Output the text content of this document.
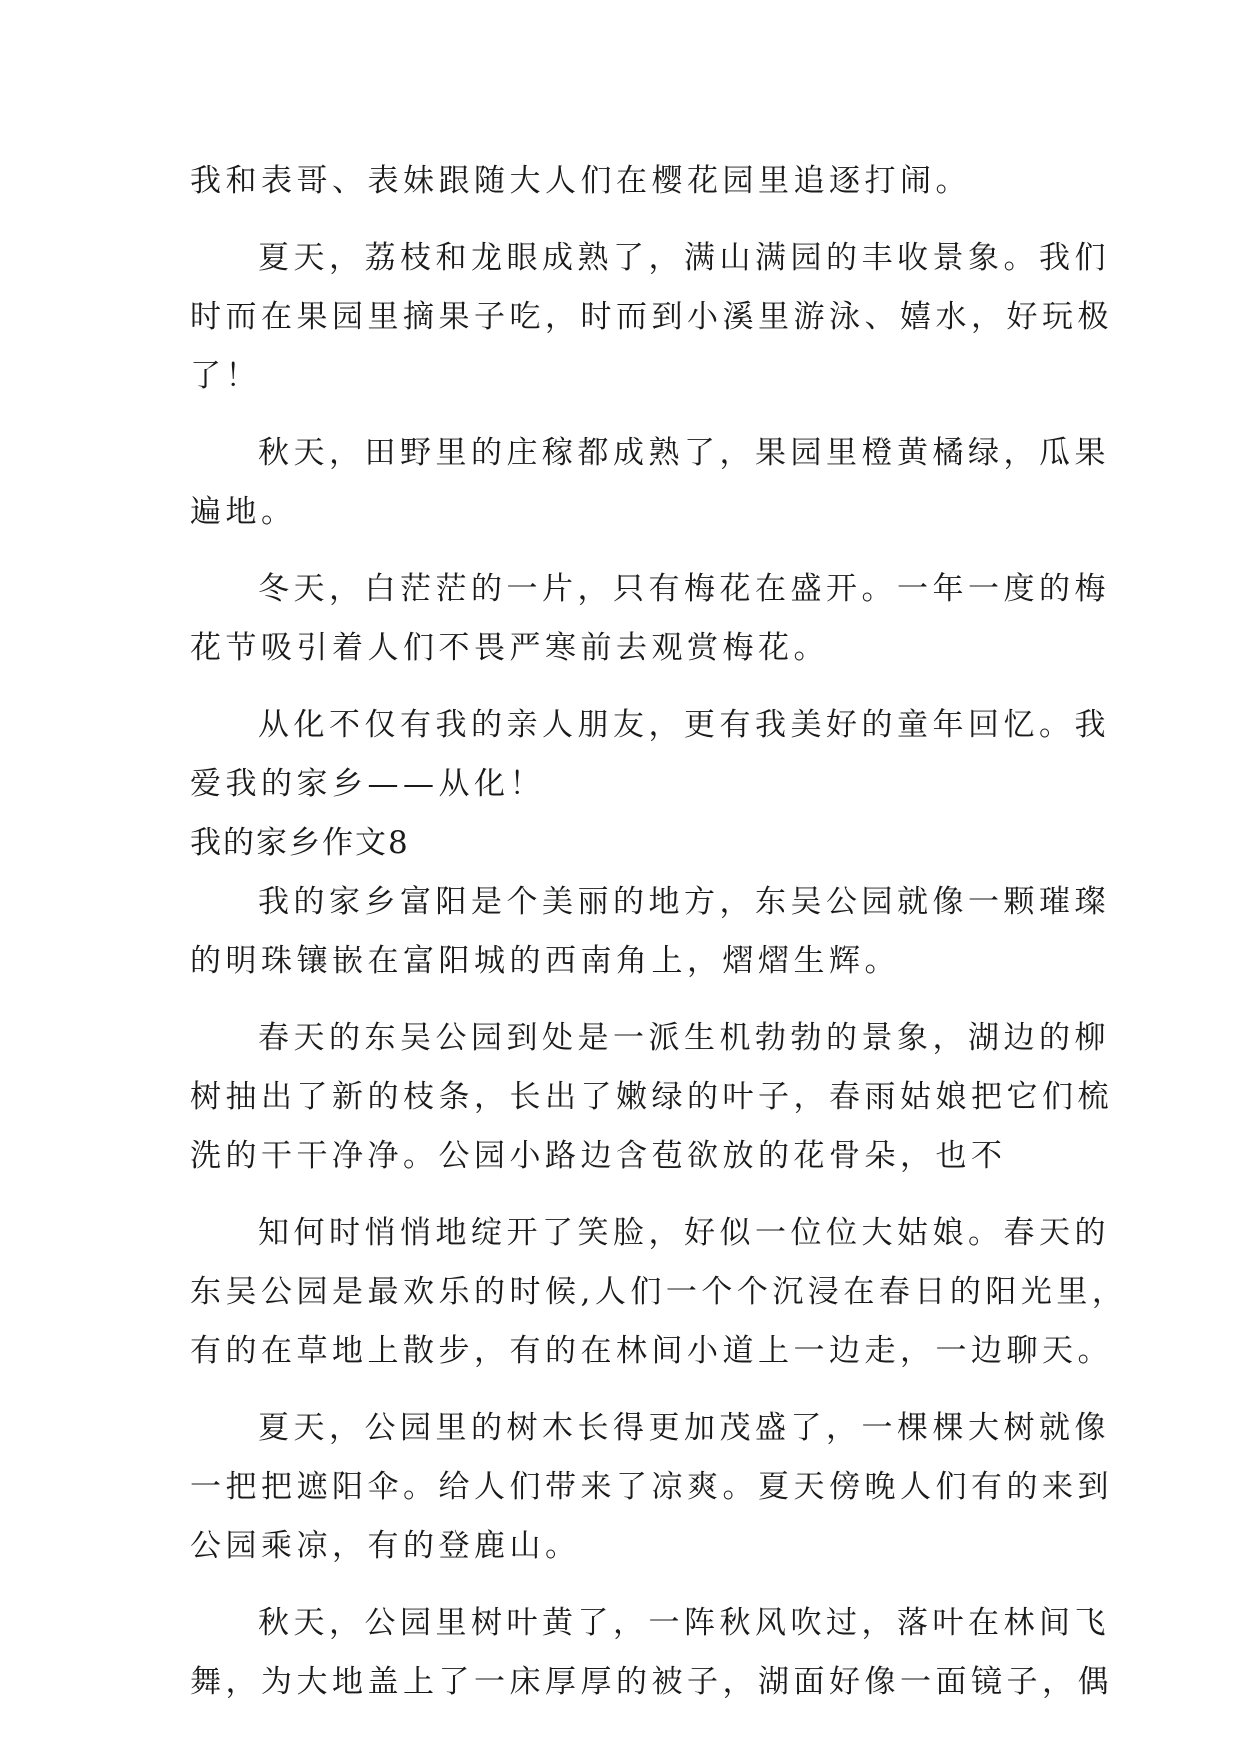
我和表哥、表妹跟随大人们在樱花园里追逐打闹。

夏天，荔枝和龙眼成熟了，满山满园的丰收景象。我们

时而在果园里摘果子吃，时而到小溪里游泳、嬉水，好玩极

了！

秋天，田野里的庄稼都成熟了，果园里橙黄橘绿，瓜果

遍地。

冬天，白茫茫的一片，只有梅花在盛开。一年一度的梅

花节吸引着人们不畏严寒前去观赏梅花。

从化不仅有我的亲人朋友，更有我美好的童年回忆。我

爱我的家乡——从化！

我的家乡作文8

我的家乡富阳是个美丽的地方，东吴公园就像一颗璀璨

的明珠镶嵌在富阳城的西南角上，熠熠生辉。

春天的东吴公园到处是一派生机勃勃的景象，湖边的柳

树抽出了新的枝条，长出了嫩绿的叶子，春雨姑娘把它们梳

洗的干干净净。公园小路边含苞欲放的花骨朵，也不

知何时悄悄地绽开了笑脸，好似一位位大姑娘。春天的

东吴公园是最欢乐的时候,人们一个个沉浸在春日的阳光里，

有的在草地上散步，有的在林间小道上一边走，一边聊天。

夏天，公园里的树木长得更加茂盛了，一棵棵大树就像

一把把遮阳伞。给人们带来了凉爽。夏天傍晚人们有的来到

公园乘凉，有的登鹿山。

秋天，公园里树叶黄了，一阵秋风吹过，落叶在林间飞

舞，为大地盖上了一床厚厚的被子，湖面好像一面镜子，偶
